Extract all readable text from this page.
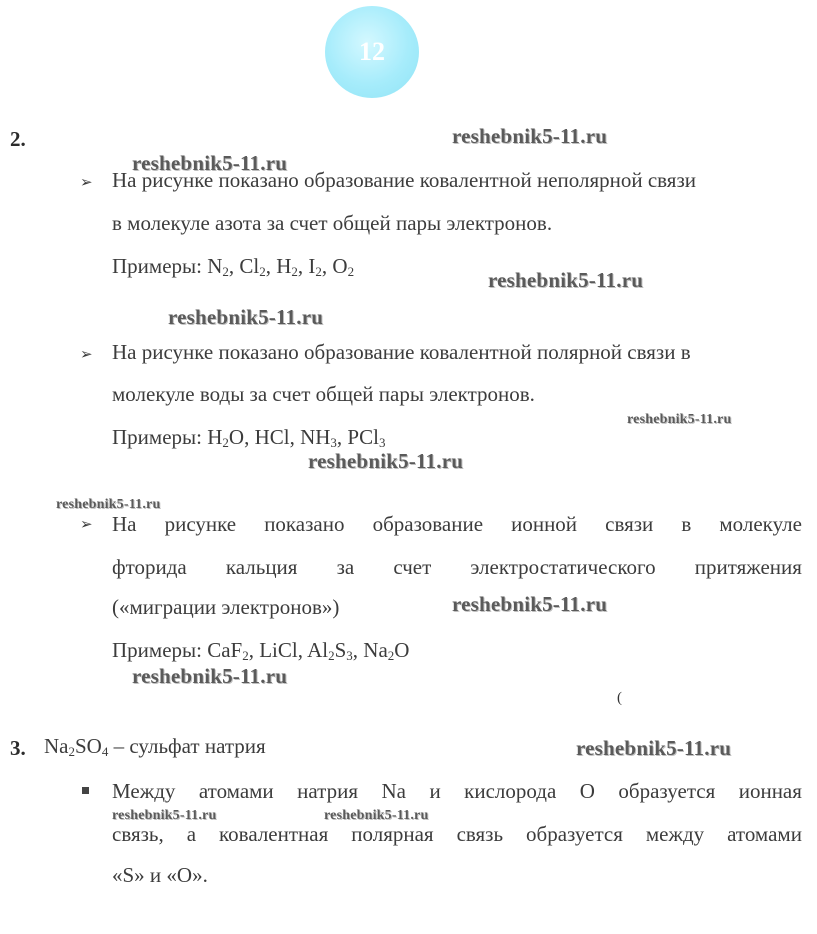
12
2.
➢ На рисунке показано образование ковалентной неполярной связи
в молекуле азота за счет общей пары электронов.
Примеры: $N_2$, $Cl_2$, $H_2$, $I_2$, $O_2$
➢ На рисунке показано образование ковалентной полярной связи в
молекуле воды за счет общей пары электронов.
Примеры: $H_2O$, HCl, $NH_3$, PCl$_3$
➢ На рисунке показано образование ионной связи в молекуле
фторида кальция за счет электростатического притяжения
(«миграции электронов»)
Примеры: CaF$_2$, LiCl, $Al_2S_3$, $Na_2O$
(
3. $Na_2SO_4$ – сульфат натрия
Между атомами натрия Na и кислорода О образуется ионная
связь, а ковалентная полярная связь образуется между атомами
«S» и «O».
reshebnik5-11.ru
reshebnik5-11.ru
reshebnik5-11.ru
reshebnik5-11.ru
reshebnik5-11.ru
reshebnik5-11.ru
reshebnik5-11.ru
reshebnik5-11.ru
reshebnik5-11.ru
reshebnik5-11.ru
reshebnik5-11.ru	reshebnik5-11.ru
